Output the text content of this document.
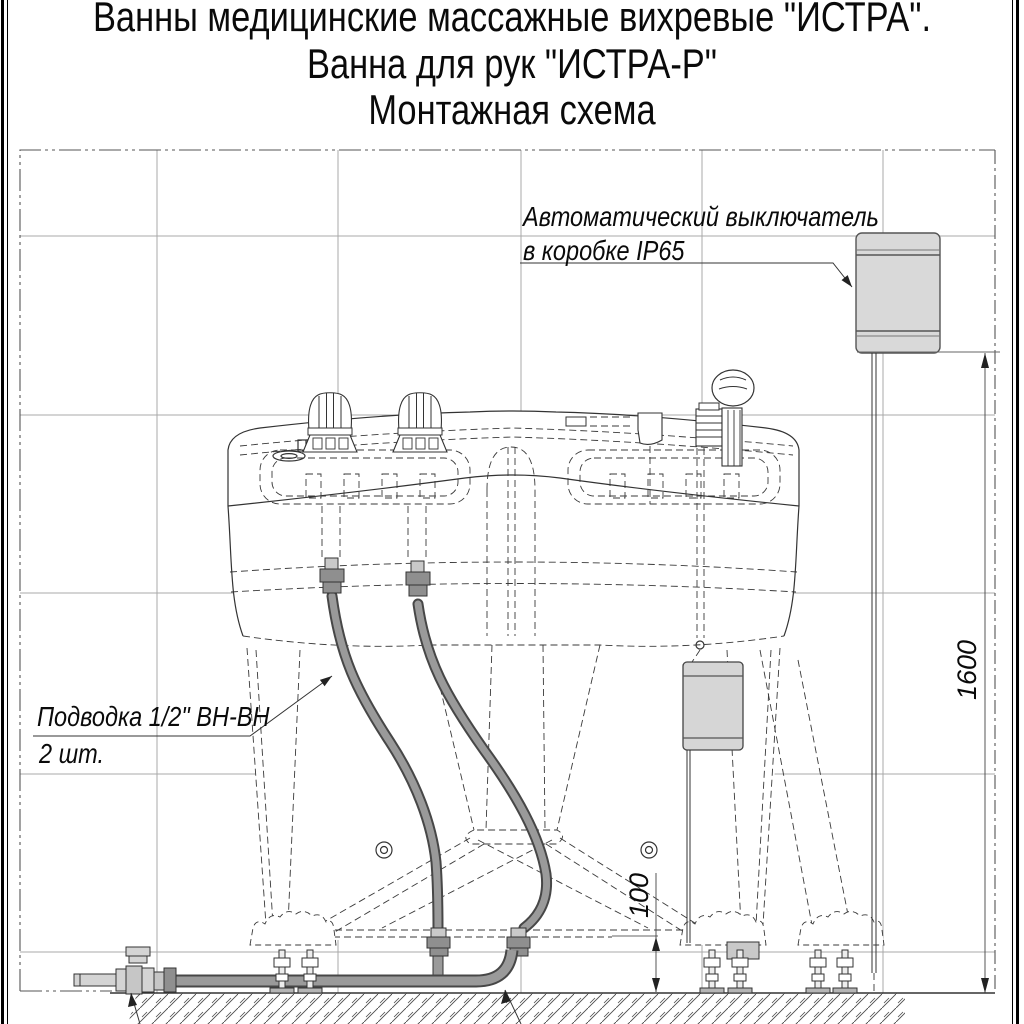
1600
100
Ванны медицинские массажные вихревые "ИСТРА".
Ванна для рук "ИСТРА-Р"
Монтажная схема
Автоматический выключатель
в коробке IP65
Подводка 1/2" ВН-ВН
2 шт.
